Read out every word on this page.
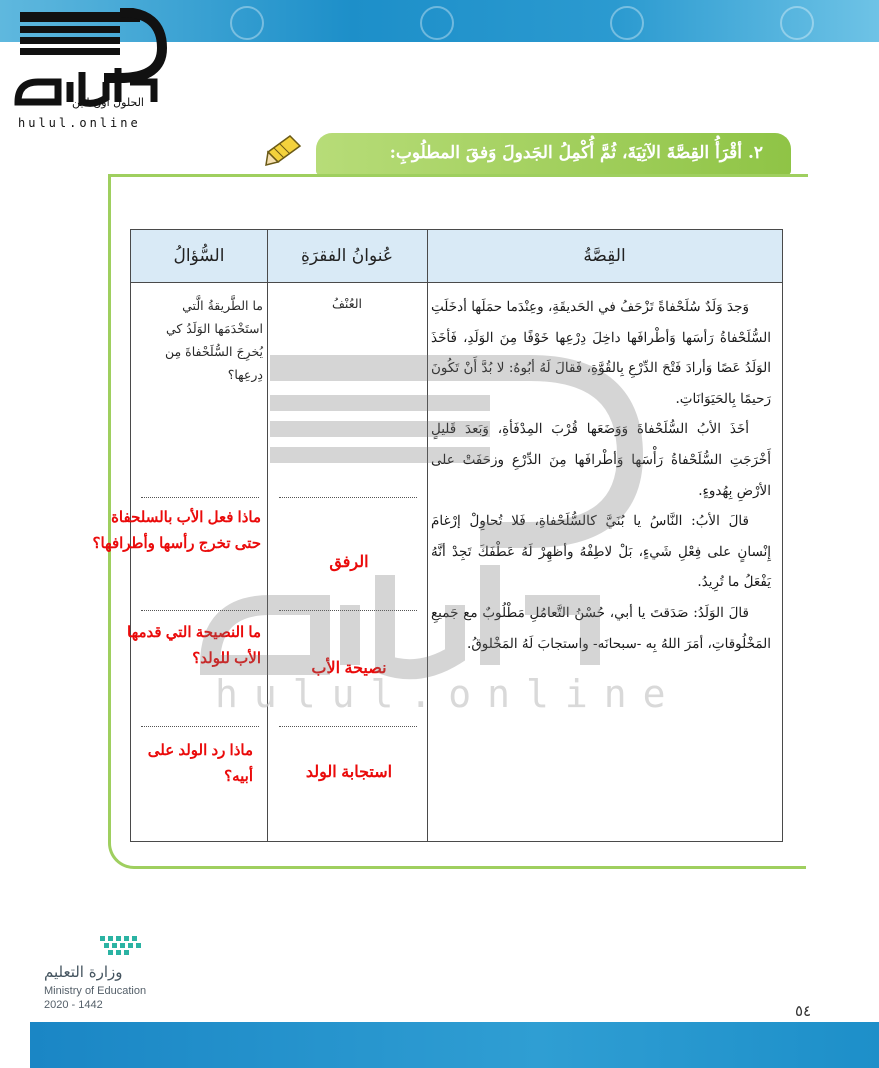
hulul.online
الحلول اون لاين
٢. أقْرَأُ القِصَّةَ الآتِيَةَ، ثُمَّ أُكْمِلُ الجَدولَ وَفقَ المطلُوبِ:
القِصَّةُ
عُنوانُ الفقرَةِ
السُّؤالُ

وَجدَ وَلَدٌ سُلَحْفاةً تَزْحَفُ في الحَديقَةِ، وعِنْدَما حمَلَها أدخَلَتِ السُّلَحْفاةُ رَأسَها وَأطْرافَها داخِلَ دِرْعِها خَوْفًا مِنَ الوَلَدِ، فَأخَذَ الوَلَدُ عَصًا وَأرادَ فَتْحَ الدِّرْعِ بِالقُوَّةِ، فَقالَ لَهُ أبُوهُ: لا بُدَّ أَنْ تَكُونَ رَحيمًا بِالحَيَوَانَاتِ.

أخَذَ الأبُ السُّلَحْفاةَ وَوَضَعَها قُرْبَ المِدْفَأةِ، وَبَعدَ قَليلٍ أَخْرَجَتِ السُّلَحْفاةُ رَأْسَها وَأطْرافَها مِنَ الدِّرْعِ وزحَفَتْ على الأرْضِ بِهُدوءٍ.

قالَ الأبُ: النَّاسُ يا بُنَيَّ كالسُّلَحْفاةِ، فَلا تُحاوِلْ إرْغامَ إِنْسانٍ على فِعْلِ شَيءٍ، بَلْ لاطِفْهُ وأظهِرْ لَهُ عَطْفَكَ تَجِدْ أنَّهُ يَفْعَلُ ما تُرِيدُ.

قالَ الوَلَدُ: صَدَقتَ يا أبي، حُسْنُ التَّعامُلِ مَطْلُوبٌ مع جَميعِ المَخْلُوقاتِ، أمَرَ اللهُ بِه -سبحانَه- واستجابَ لَهُ المَخْلوقُ.

العُنْفُ
ما الطَّريقةُ الَّتي استَخْدَمَها الوَلَدُ كي يُخرِجَ السُّلَحْفاةَ مِن دِرعِها؟
الرفق
ماذا فعل الأب بالسلحفاة حتى تخرج رأسها وأطرافها؟
نصيحة الأب
ما النصيحة التي قدمها الأب للولد؟
استجابة الولد
ماذا رد الولد على أبيه؟
hulul.online
وزارة التعليم
Ministry of Education
2020 - 1442	٥٤
